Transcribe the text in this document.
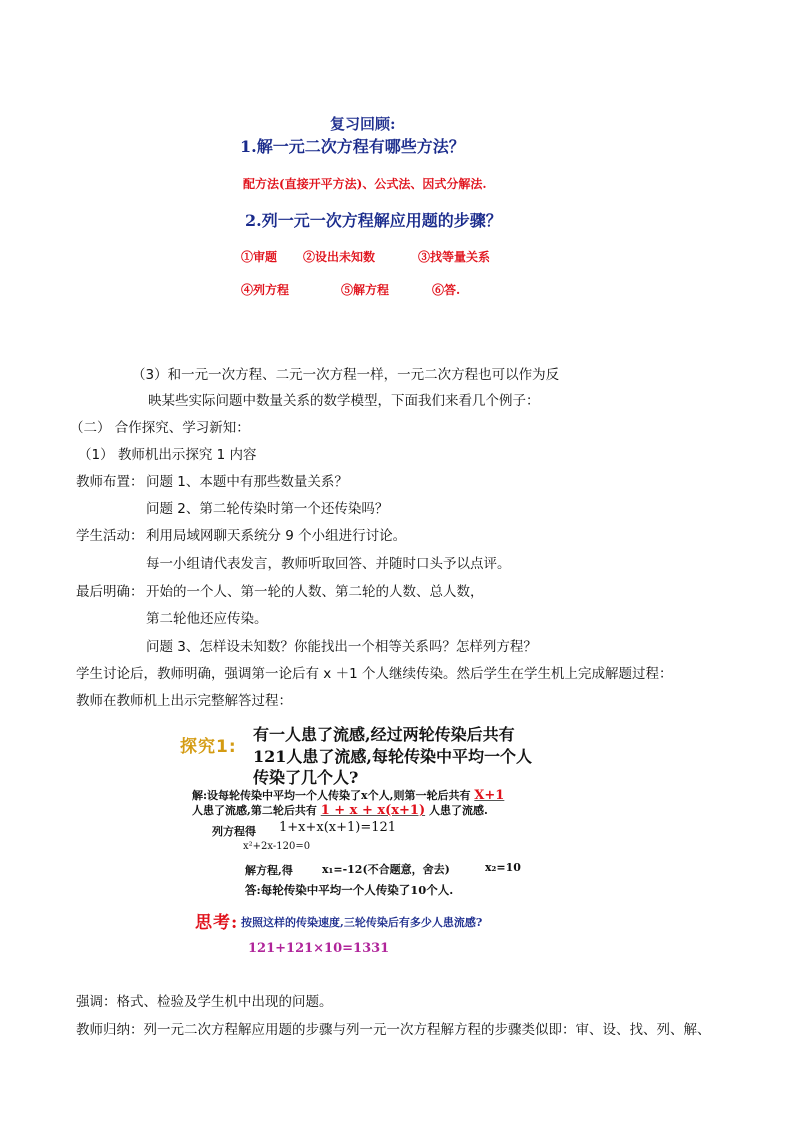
复习回顾:
1.解一元二次方程有哪些方法？
配方法(直接开平方法)、公式法、因式分解法.
2.列一元一次方程解应用题的步骤？
①审题 ②设出未知数	③找等量关系
④列方程	⑤解方程	⑥答.
（3）和一元一次方程、二元一次方程一样，一元二次方程也可以作为反
映某些实际问题中数量关系的数学模型，下面我们来看几个例子：
（二） 合作探究、学习新知：
（1） 教师机出示探究 1 内容
教师布置： 问题 1、本题中有那些数量关系？
问题 2、第二轮传染时第一个还传染吗？
学生活动： 利用局域网聊天系统分 9 个小组进行讨论。
每一小组请代表发言，教师听取回答、并随时口头予以点评。
最后明确： 开始的一个人、第一轮的人数、第二轮的人数、总人数，
第二轮他还应传染。
问题 3、怎样设未知数？你能找出一个相等关系吗？怎样列方程？
学生讨论后，教师明确，强调第一论后有 x ＋1 个人继续传染。然后学生在学生机上完成解题过程：
教师在教师机上出示完整解答过程：
探究1:
有一人患了流感,经过两轮传染后共有
121人患了流感,每轮传染中平均一个人
传染了几个人?
解:设每轮传染中平均一个人传染了x个人,则第一轮后共有 X+1
人患了流感,第二轮后共有 1 + x + x(x+1) 人患了流感.
列方程得 1+x+x(x+1)=121
x²+2x-120=0
解方程,得	x₁=-12(不合题意，舍去)	x₂=10
答:每轮传染中平均一个人传染了10个人.
思考: 按照这样的传染速度,三轮传染后有多少人患流感?
121+121×10=1331
强调：格式、检验及学生机中出现的问题。
教师归纳：列一元二次方程解应用题的步骤与列一元一次方程解方程的步骤类似即：审、设、找、列、解、
